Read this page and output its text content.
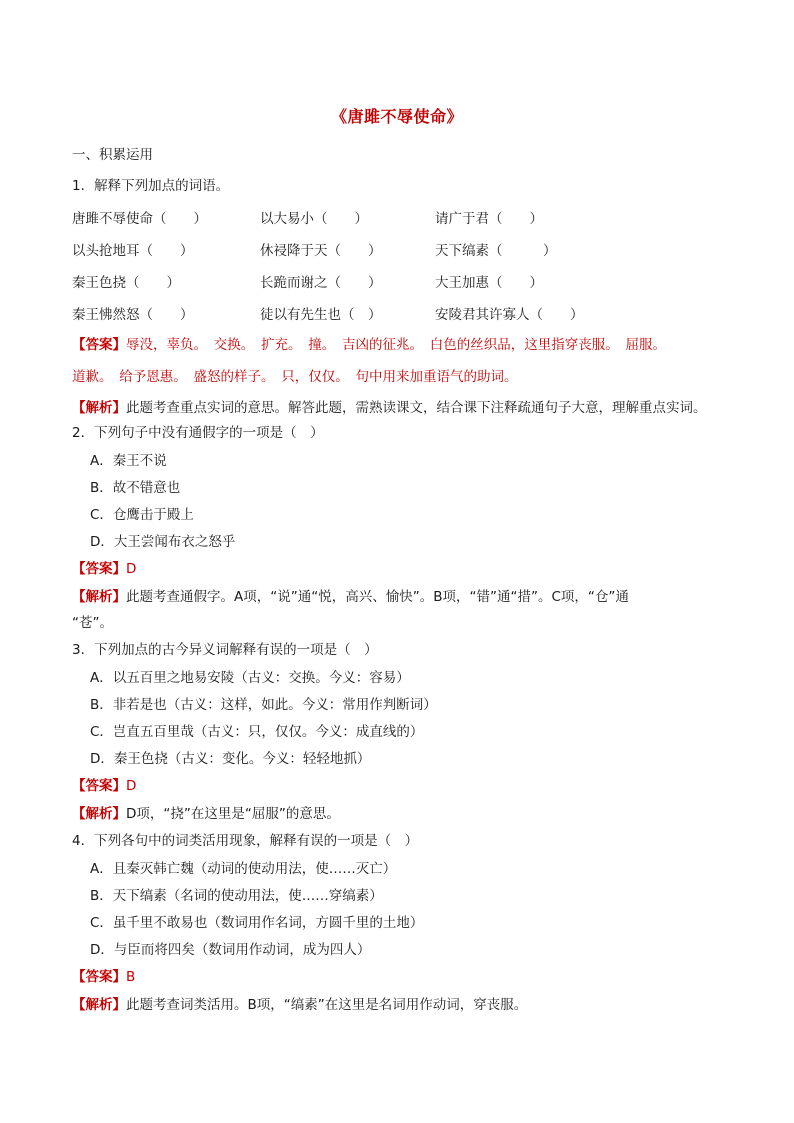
《唐雎不辱使命》
一、积累运用
1．解释下列加点的词语。
唐雎不辱使命（　　）	以大易小（　　）	请广于君（　　）
以头抢地耳（　　）	休祲降于天（　　）	天下缟素（　　　）
秦王色挠（　　）	长跪而谢之（　　）	大王加惠（　　）
秦王怫然怒（　　）	徒以有先生也（　）	安陵君其许寡人（　　）
【答案】辱没，辜负。　交换。　扩充。　撞。　吉凶的征兆。　白色的丝织品，这里指穿丧服。　屈服。
道歉。　给予恩惠。　盛怒的样子。　只，仅仅。　句中用来加重语气的助词。
【解析】此题考查重点实词的意思。解答此题，需熟读课文，结合课下注释疏通句子大意，理解重点实词。
2．下列句子中没有通假字的一项是（　）
A．秦王不说
B．故不错意也
C．仓鹰击于殿上
D．大王尝闻布衣之怒乎
【答案】D
【解析】此题考查通假字。A项，“说”通“悦，高兴、愉快”。B项，“错”通“措”。C项，“仓”通
“苍”。
3．下列加点的古今异义词解释有误的一项是（　）
A．以五百里之地易安陵（古义：交换。今义：容易）
B．非若是也（古义：这样，如此。今义：常用作判断词）
C．岂直五百里哉（古义：只，仅仅。今义：成直线的）
D．秦王色挠（古义：变化。今义：轻轻地抓）
【答案】D
【解析】D项，“挠”在这里是“屈服”的意思。
4．下列各句中的词类活用现象，解释有误的一项是（　）
A．且秦灭韩亡魏（动词的使动用法，使……灭亡）
B．天下缟素（名词的使动用法，使……穿缟素）
C．虽千里不敢易也（数词用作名词，方圆千里的土地）
D．与臣而将四矣（数词用作动词，成为四人）
【答案】B
【解析】此题考查词类活用。B项，“缟素”在这里是名词用作动词，穿丧服。
